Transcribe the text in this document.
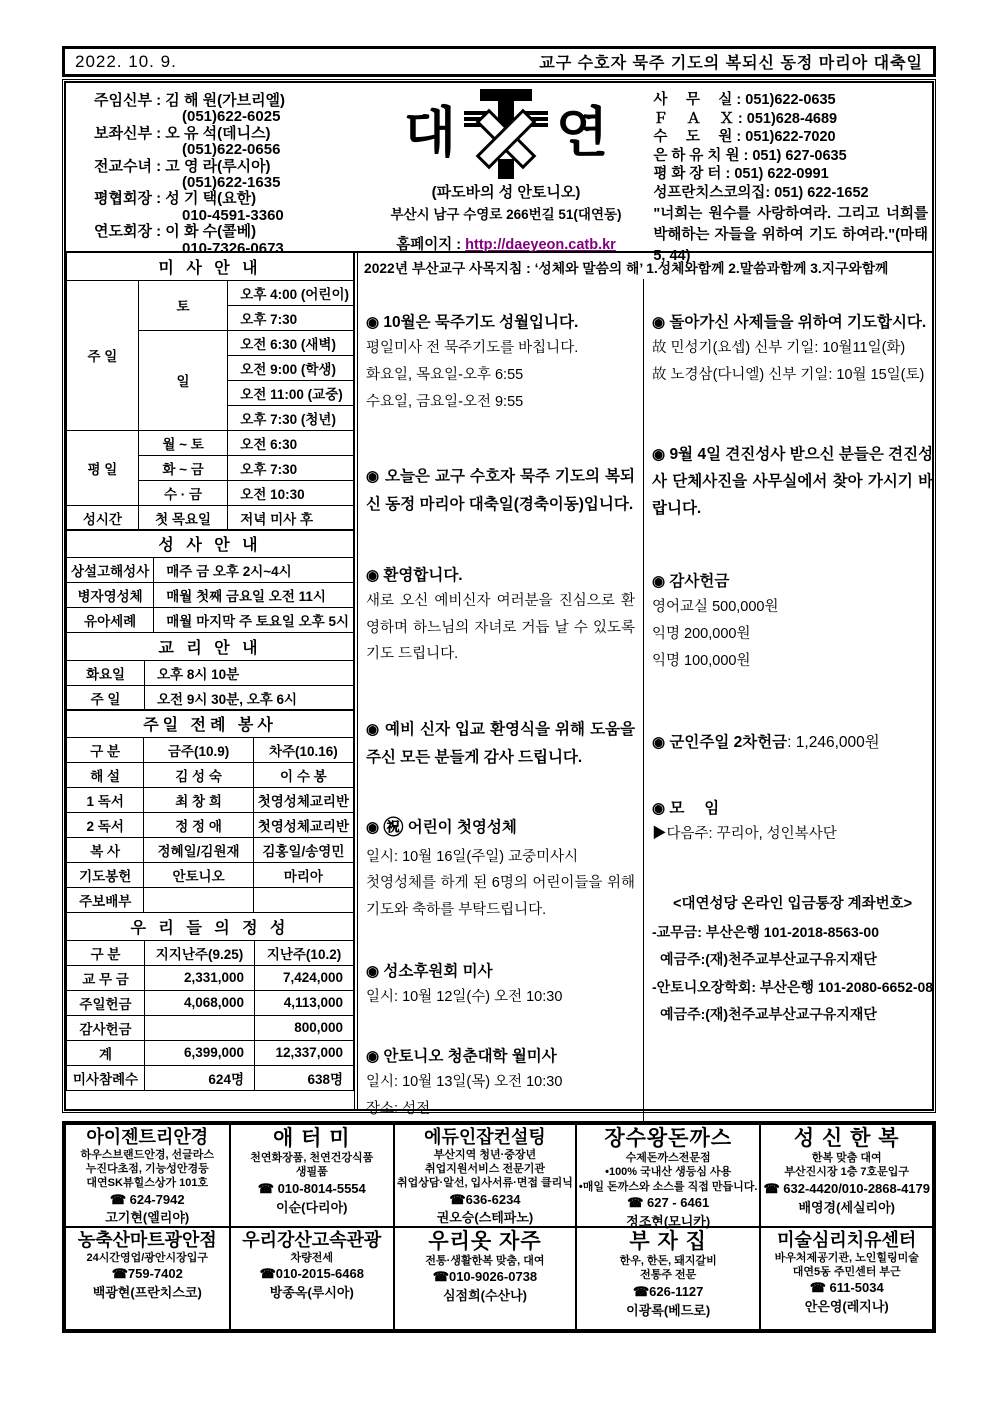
2022. 10. 9.	교구 수호자 묵주 기도의 복되신 동정 마리아 대축일
주임신부 : 김 해 원(가브리엘)
(051)622-6025
보좌신부 : 오 유 석(데니스)
(051)622-0656
전교수녀 : 고 영 라(루시아)
(051)622-1635
평협회장 : 성 기 택(요한)
010-4591-3360
연도회장 : 이 화 수(콜베)
010-7326-0673
대 연
(파도바의 성 안토니오)
부산시 남구 수영로 266번길 51(대연동)
홈페이지 : http://daeyeon.catb.kr
사　 무 　실 : 051)622-0635
Ｆ　 Ａ 　Ｘ : 051)628-4689
수　 도 　원 : 051)622-7020
은 하 유 치 원 : 051) 627-0635
평 화 장 터 : 051) 622-0991
성프란치스코의집: 051) 622-1652
"너희는 원수를 사랑하여라. 그리고 너희를 박해하는 자들을 위하여 기도 하여라."(마태 5, 44)
미 사 안 내		
주 일	토	오후 4:00 (어린이)
		오후 7:30
	일	오전 6:30 (새벽)
		오전 9:00 (학생)
		오전 11:00 (교중)
		오후 7:30 (청년)
평 일	월 ~ 토	오전 6:30
	화 ~ 금	오후 7:30
	수 · 금	오전 10:30
성시간	첫 목요일	저녁 미사 후
성 사 안 내	
상설고해성사	매주 금 오후 2시~4시
병자영성체	매월 첫째 금요일 오전 11시
유아세례	매월 마지막 주 토요일 오후 5시
교 리 안 내	
화요일	오후 8시 10분
주 일	오전 9시 30분, 오후 6시
주일 전례 봉사		
구 분	금주(10.9)	차주(10.16)
해 설	김 성 숙	이 수 봉
1 독서	최 창 희	첫영성체교리반
2 독서	정 정 애	첫영성체교리반
복 사	정혜일/김원재	김홍일/송영민
기도봉헌	안토니오	마리아
주보배부		
우 리 들 의 정 성		
구 분	지지난주(9.25)	지난주(10.2)
교 무 금	2,331,000	7,424,000
주일헌금	4,068,000	4,113,000
감사헌금		800,000
계	6,399,000	12,337,000
미사참례수	624명	638명
2022년 부산교구 사목지침 : ‘성체와 말씀의 해’ 1.성체와함께 2.말씀과함께 3.지구와함께
◉ 10월은 묵주기도 성월입니다.
평일미사 전 묵주기도를 바칩니다.
화요일, 목요일-오후 6:55
수요일, 금요일-오전 9:55
◉ 오늘은 교구 수호자 묵주 기도의 복되신 동정 마리아 대축일(경축이동)입니다.
◉ 환영합니다.
새로 오신 예비신자 여러분을 진심으로 환영하며 하느님의 자녀로 거듭 날 수 있도록 기도 드립니다.
◉ 예비 신자 입교 환영식을 위해 도움을 주신 모든 분들게 감사 드립니다.
◉ ㊗ 어린이 첫영성체
일시: 10월 16일(주일) 교중미사시
첫영성체를 하게 된 6명의 어린이들을 위해 기도와 축하를 부탁드립니다.
◉ 성소후원회 미사
일시: 10월 12일(수) 오전 10:30
◉ 안토니오 청춘대학 월미사
일시: 10월 13일(목) 오전 10:30
장소: 성전
◉ 돌아가신 사제들을 위하여 기도합시다.
故 민성기(요셉) 신부 기일: 10월11일(화)
故 노경삼(다니엘) 신부 기일: 10월 15일(토)
◉ 9월 4일 견진성사 받으신 분들은 견진성사 단체사진을 사무실에서 찾아 가시기 바랍니다.
◉ 감사헌금
영어교실 500,000원
익명 200,000원
익명 100,000원
◉ 군인주일 2차헌금: 1,246,000원
◉ 모　 임
▶다음주: 꾸리아, 성인복사단
<대연성당 온라인 입금통장 계좌번호>
-교무금: 부산은행 101-2018-8563-00
예금주:(재)천주교부산교구유지재단
-안토니오장학회: 부산은행 101-2080-6652-08
예금주:(재)천주교부산교구유지재단
아이젠트리안경
하우스브랜드안경, 선글라스
누진다초점, 기능성안경등
대연SK뷰힐스상가 101호
☎ 624-7942
고기현(엘리야)
애 터 미
천연화장품, 천연건강식품
생필품
☎ 010-8014-5554
이순(다리아)
에듀인잡컨설팅
부산지역 청년·중장년
취업지원서비스 전문기관
취업상담·알선, 입사서류·면접 클리닉
☎636-6234
권오승(스테파노)
장수왕돈까스
수제돈까스전문점
•100% 국내산 생등심 사용
•매일 돈까스와 소스를 직접 만듭니다.
☎ 627 - 6461
정조현(모니카)
성 신 한 복
한복 맞춤 대여
부산진시장 1층 7호문입구
☎ 632-4420/010-2868-4179
배영경(세실리아)
농축산마트광안점
24시간영업/광안시장입구
☎759-7402
백광현(프란치스코)
우리강산고속관광
차량전세
☎010-2015-6468
방종옥(루시아)
우리옷 자주
전통·생활한복 맞춤, 대여
☎010-9026-0738
심점희(수산나)
부 자 집
한우, 한돈, 돼지갈비
전통주 전문
☎626-1127
이광록(베드로)
미술심리치유센터
바우처제공기관, 노인힐링미술
대연5동 주민센터 부근
☎ 611-5034
안은영(레지나)
